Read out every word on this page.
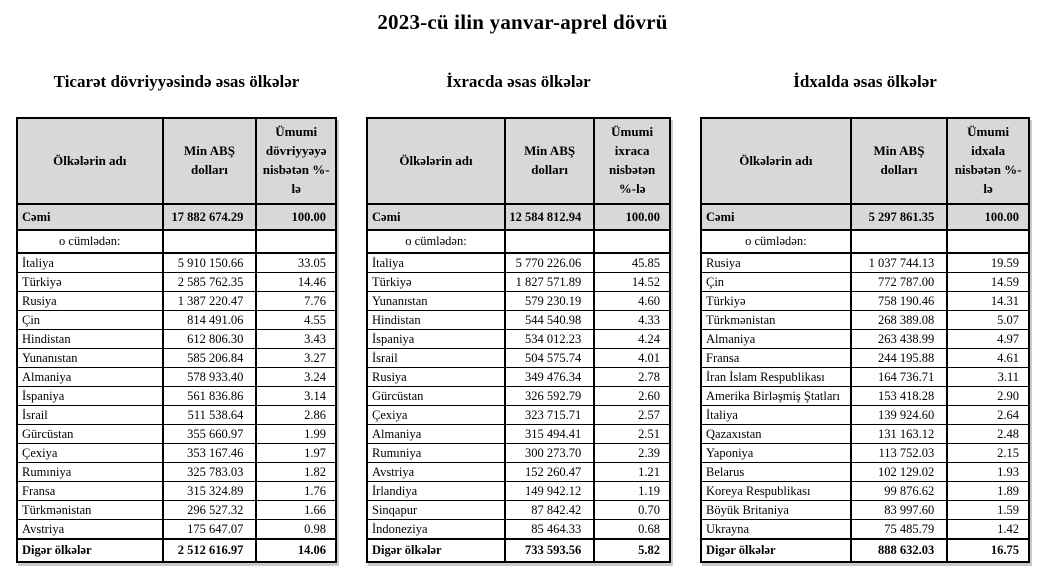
2023-cü ilin yanvar-aprel dövrü
Ticarət dövriyyəsində əsas ölkələr
Ölkələrin adı	Min ABŞ dolları	Ümumi dövriyyəyə nisbətən %-lə
Cəmi	17 882 674.29	100.00
o cümlədən:		
İtaliya	5 910 150.66	33.05
Türkiyə	2 585 762.35	14.46
Rusiya	1 387 220.47	7.76
Çin	814 491.06	4.55
Hindistan	612 806.30	3.43
Yunanıstan	585 206.84	3.27
Almaniya	578 933.40	3.24
İspaniya	561 836.86	3.14
İsrail	511 538.64	2.86
Gürcüstan	355 660.97	1.99
Çexiya	353 167.46	1.97
Rumıniya	325 783.03	1.82
Fransa	315 324.89	1.76
Türkmənistan	296 527.32	1.66
Avstriya	175 647.07	0.98
Digər ölkələr	2 512 616.97	14.06
İxracda əsas ölkələr
Ölkələrin adı	Min ABŞ dolları	Ümumi ixraca nisbətən %-lə
Cəmi	12 584 812.94	100.00
o cümlədən:		
İtaliya	5 770 226.06	45.85
Türkiyə	1 827 571.89	14.52
Yunanıstan	579 230.19	4.60
Hindistan	544 540.98	4.33
İspaniya	534 012.23	4.24
İsrail	504 575.74	4.01
Rusiya	349 476.34	2.78
Gürcüstan	326 592.79	2.60
Çexiya	323 715.71	2.57
Almaniya	315 494.41	2.51
Rumıniya	300 273.70	2.39
Avstriya	152 260.47	1.21
İrlandiya	149 942.12	1.19
Sinqapur	87 842.42	0.70
İndoneziya	85 464.33	0.68
Digər ölkələr	733 593.56	5.82
İdxalda əsas ölkələr
Ölkələrin adı	Min ABŞ dolları	Ümumi idxala nisbətən %-lə
Cəmi	5 297 861.35	100.00
o cümlədən:		
Rusiya	1 037 744.13	19.59
Çin	772 787.00	14.59
Türkiyə	758 190.46	14.31
Türkmənistan	268 389.08	5.07
Almaniya	263 438.99	4.97
Fransa	244 195.88	4.61
İran İslam Respublikası	164 736.71	3.11
Amerika Birləşmiş Ştatları	153 418.28	2.90
İtaliya	139 924.60	2.64
Qazaxıstan	131 163.12	2.48
Yaponiya	113 752.03	2.15
Belarus	102 129.02	1.93
Koreya Respublikası	99 876.62	1.89
Böyük Britaniya	83 997.60	1.59
Ukrayna	75 485.79	1.42
Digər ölkələr	888 632.03	16.75
